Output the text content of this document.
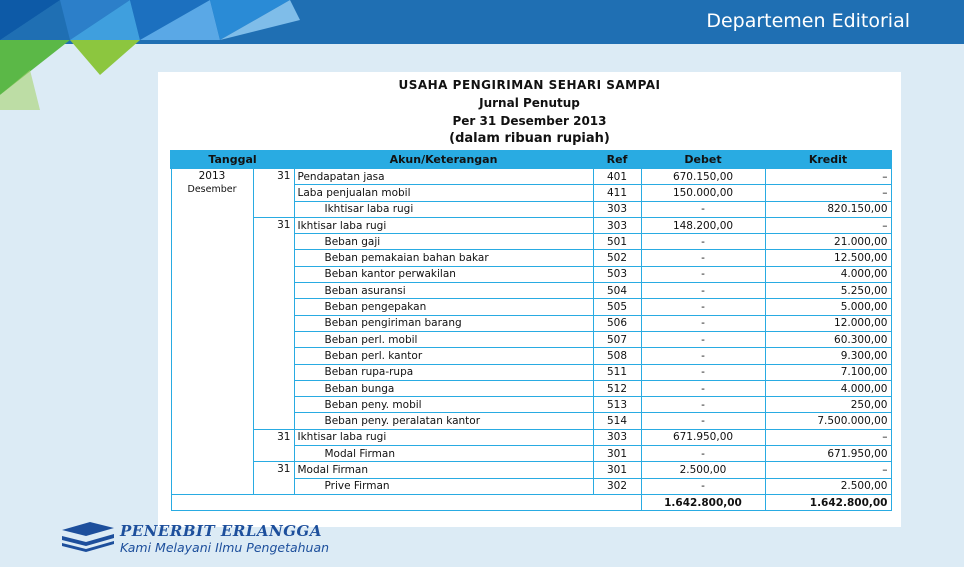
Departemen Editorial
USAHA PENGIRIMAN SEHARI SAMPAI
Jurnal Penutup
Per 31 Desember 2013
(dalam ribuan rupiah)
Tanggal		Akun/Keterangan	Ref	Debet	Kredit

2013
Desember	31	Pendapatan jasa	401	670.150,00	–
		Laba penjualan mobil	411	150.000,00	–
		Ikhtisar laba rugi	303	-	820.150,00
	31	Ikhtisar laba rugi	303	148.200,00	–
		Beban gaji	501	-	21.000,00
		Beban pemakaian bahan bakar	502	-	12.500,00
		Beban kantor perwakilan	503	-	4.000,00
		Beban asuransi	504	-	5.250,00
		Beban pengepakan	505	-	5.000,00
		Beban pengiriman barang	506	-	12.000,00
		Beban perl. mobil	507	-	60.300,00
		Beban perl. kantor	508	-	9.300,00
		Beban rupa-rupa	511	-	7.100,00
		Beban bunga	512	-	4.000,00
		Beban peny. mobil	513	-	250,00
		Beban peny. peralatan kantor	514	-	7.500.000,00
	31	Ikhtisar laba rugi	303	671.950,00	–
		Modal Firman	301	-	671.950,00
	31	Modal Firman	301	2.500,00	–
		Prive Firman	302	-	2.500,00
				1.642.800,00	1.642.800,00
PENERBIT ERLANGGA
Kami Melayani Ilmu Pengetahuan
